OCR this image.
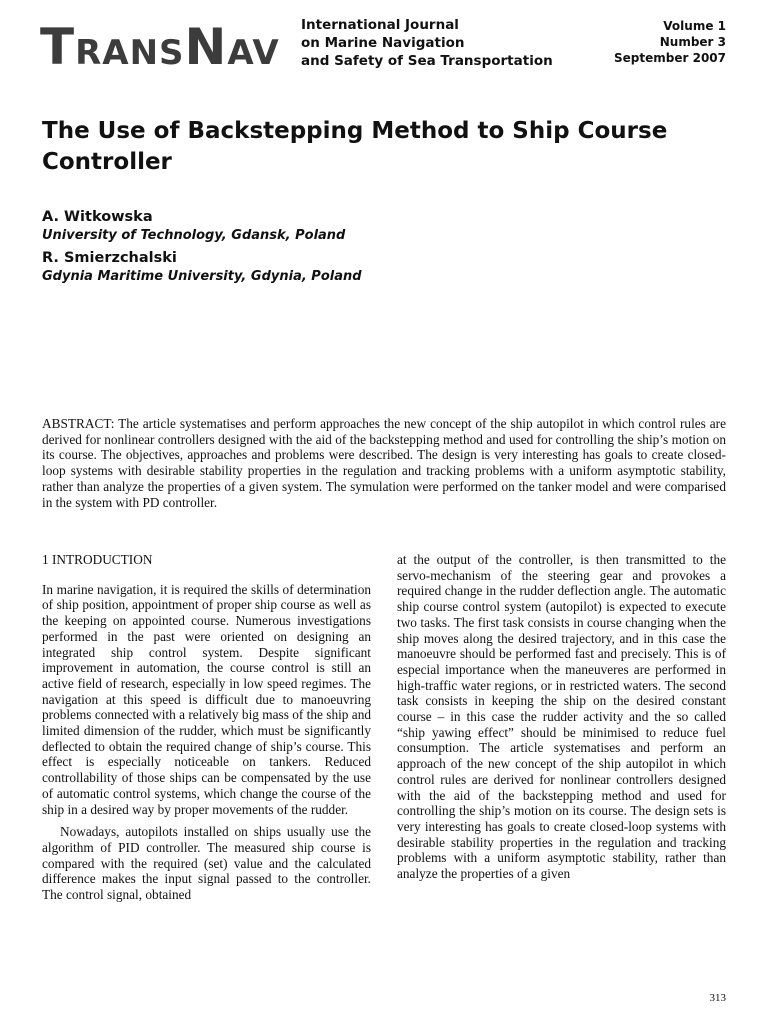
T RANS N AV
International Journal
on Marine Navigation
and Safety of Sea Transportation
Volume 1
Number 3
September 2007
The Use of Backstepping Method to Ship Course Controller
A. Witkowska
University of Technology, Gdansk, Poland
R. Smierzchalski
Gdynia Maritime University, Gdynia, Poland

ABSTRACT: The article systematises and perform approaches the new concept of the ship autopilot in which control rules are derived for nonlinear controllers designed with the aid of the backstepping method and used for controlling the ship’s motion on its course. The objectives, approaches and problems were described. The design is very interesting has goals to create closed-loop systems with desirable stability properties in the regulation and tracking problems with a uniform asymptotic stability, rather than analyze the properties of a given system. The symulation were performed on the tanker model and were comparised in the system with PD controller.

1 INTRODUCTION

In marine navigation, it is required the skills of determination of ship position, appointment of proper ship course as well as the keeping on appointed course. Numerous investigations performed in the past were oriented on designing an integrated ship control system. Despite significant improvement in automation, the course control is still an active field of research, especially in low speed regimes. The navigation at this speed is difficult due to manoeuvring problems connected with a relatively big mass of the ship and limited dimension of the rudder, which must be significantly deflected to obtain the required change of ship’s course. This effect is especially noticeable on tankers. Reduced controllability of those ships can be compensated by the use of automatic control systems, which change the course of the ship in a desired way by proper movements of the rudder.

Nowadays, autopilots installed on ships usually use the algorithm of PID controller. The measured ship course is compared with the required (set) value and the calculated difference makes the input signal passed to the controller. The control signal, obtained

at the output of the controller, is then transmitted to the servo-mechanism of the steering gear and provokes a required change in the rudder deflection angle. The automatic ship course control system (autopilot) is expected to execute two tasks. The first task consists in course changing when the ship moves along the desired trajectory, and in this case the manoeuvre should be performed fast and precisely. This is of especial importance when the maneuveres are performed in high-traffic water regions, or in restricted waters. The second task consists in keeping the ship on the desired constant course – in this case the rudder activity and the so called “ship yawing effect” should be minimised to reduce fuel consumption. The article systematises and perform an approach of the new concept of the ship autopilot in which control rules are derived for nonlinear controllers designed with the aid of the backstepping method and used for controlling the ship’s motion on its course. The design sets is very interesting has goals to create closed-loop systems with desirable stability properties in the regulation and tracking problems with a uniform asymptotic stability, rather than analyze the properties of a given

313
